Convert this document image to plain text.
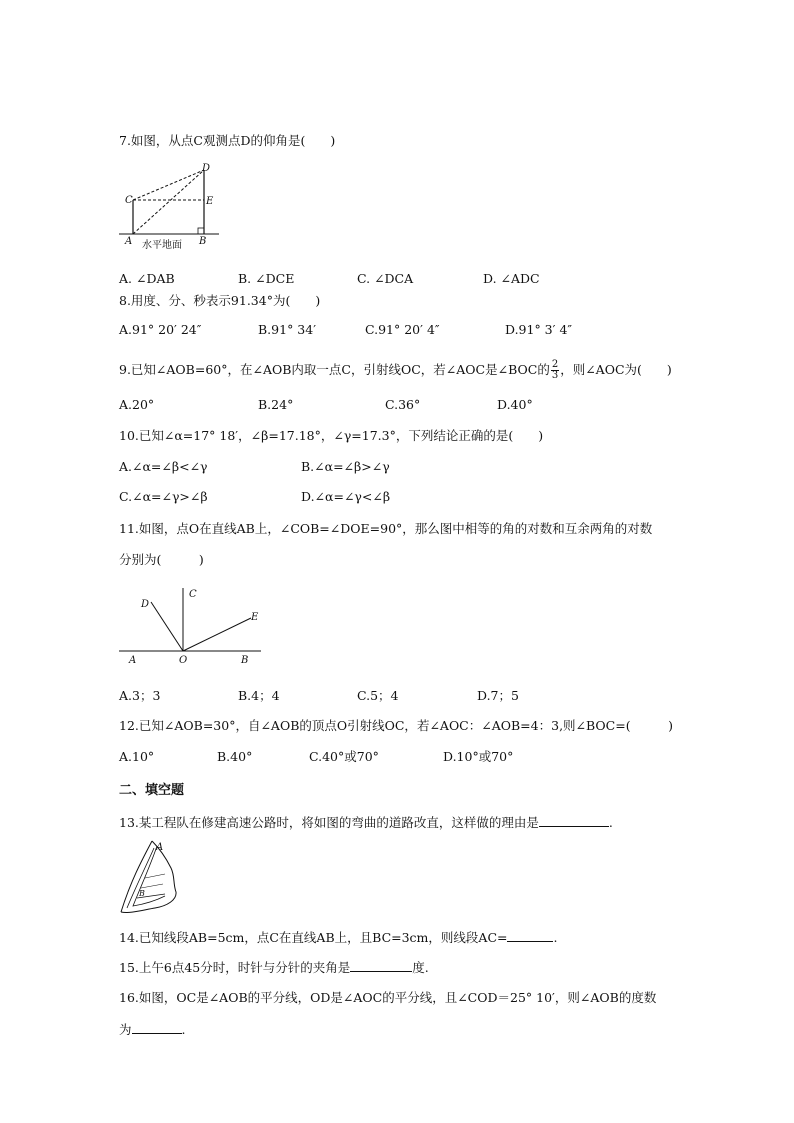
7.如图，从点C观测点D的仰角是(　　)
C
D
E
A	B
水平地面
A. ∠DAB	B. ∠DCE	C. ∠DCA	D. ∠ADC
8.用度、分、秒表示91.34°为(　　)
A.91° 20′ 24″	B.91° 34′	C.91° 20′ 4″	D.91° 3′ 4″
9.已知∠AOB=60°，在∠AOB内取一点C，引射线OC，若∠AOC是∠BOC的 $\frac{2}{3}$ ，则∠AOC为(　　)
A.20°	B.24°	C.36°	D.40°
10.已知∠α=17° 18′，∠β=17.18°，∠γ=17.3°，下列结论正确的是(　　)
A.∠α=∠β<∠γ	B.∠α=∠β>∠γ
C.∠α=∠γ>∠β	D.∠α=∠γ<∠β
11.如图，点O在直线AB上，∠COB=∠DOE=90°，那么图中相等的角的对数和互余两角的对数
分别为(　　　)
D
C
E
A	O	B
A.3；3	B.4；4	C.5；4	D.7；5
12.已知∠AOB=30°，自∠AOB的顶点O引射线OC，若∠AOC：∠AOB=4：3,则∠BOC=(　　　)
A.10°	B.40°	C.40°或70°	D.10°或70°
二、填空题
13.某工程队在修建高速公路时，将如图的弯曲的道路改直，这样做的理由是	.
A
B
14.已知线段AB=5cm，点C在直线AB上，且BC=3cm，则线段AC=	.
15.上午6点45分时，时针与分针的夹角是	度.
16.如图，OC是∠AOB的平分线，OD是∠AOC的平分线，且∠COD＝25° 10′，则∠AOB的度数
为	.
